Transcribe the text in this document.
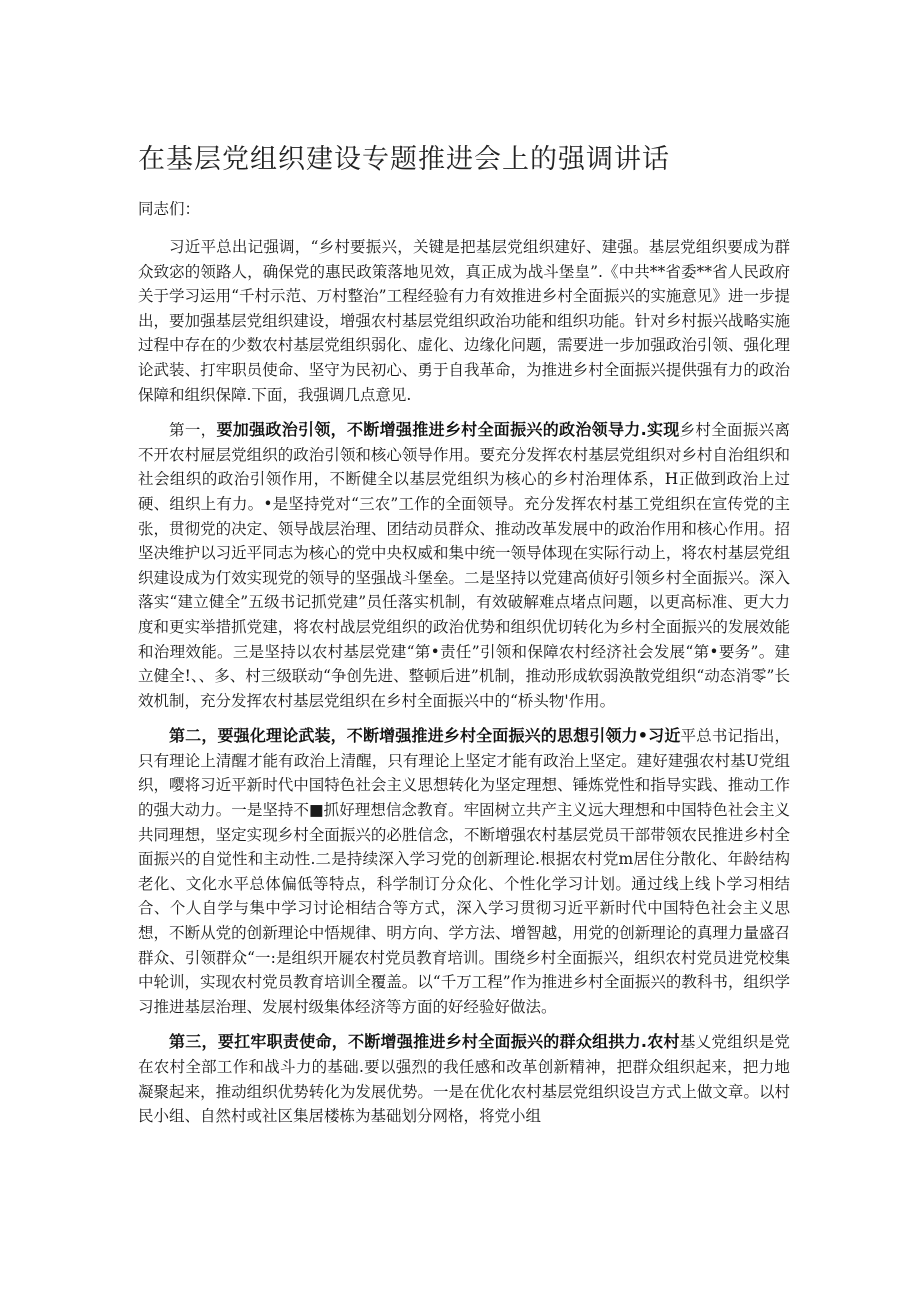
在基层党组织建设专题推进会上的强调讲话

同志们：

习近平总出记强调，“乡村要振兴，关键是把基层党组织建好、建强。基层党组织要成为群众致宓的领路人，确保党的惠民政策落地见效，真正成为战斗堡皇”.《中共**省委**省人民政府关于学习运用“千村示范、万村整治”工程经验有力有效推进乡村全面振兴的实施意见》进一步提出，要加强基层党组织建设，增强农村基层党组织政治功能和组织功能。针对乡村振兴战略实施过程中存在的少数农村基层党组织弱化、虚化、边缘化问题，需要进一步加强政治引领、强化理论武装、打牢职员使命、坚守为民初心、勇于自我革命，为推进乡村全面振兴提供强有力的政治保障和组织保障.下面，我强调几点意见.

第一，要加强政治引领，不断增强推进乡村全面振兴的政治领导力.实现乡村全面振兴离不开农村屉层党组织的政治引领和核心领导作用。要充分发挥农村基层党组织对乡村自治组织和社会组织的政治引领作用，不断健全以基层党组织为核心的乡村治理体系，H正做到政治上过硬、组织上有力。•是坚持党对“三农”工作的全面领导。充分发挥农村基工党组织在宣传党的主张，贯彻党的决定、领导战层治理、团结动员群众、推动改革发展中的政治作用和核心作用。招坚决维护以习近平同志为核心的党中央权威和集中统一领导体现在实际行动上，将农村基层党组织建设成为仃效实现党的领导的坚强战斗堡垒。二是坚持以党建高侦好引领乡村全面振兴。深入落实“建立健全”五级书记抓党建”员任落实机制，有效破解难点堵点问题，以更高标准、更大力度和更实举措抓党建，将农村战层党组织的政治优势和组织优切转化为乡村全面振兴的发展效能和治理效能。三是坚持以农村基层党建“第•责任”引领和保障农村经济社会发展“第•要务”。建立健全!、、多、村三级联动“争创先进、整顿后进”机制，推动形成软弱涣散党组织“动态消零”长效机制，充分发挥农村基层党组织在乡村全面振兴中的“桥头物'作用。

第二，要强化理论武装，不断增强推进乡村全面振兴的思想引领力•习近平总书记指出，只有理论上清醒才能有政治上清醒，只有理论上坚定才能有政治上坚定。建好建强农村基U党组织，嘤将习近平新时代中国特色社会主义思想转化为坚定理想、锤炼党性和指导实践、推动工作的强大动力。一是坚持不■抓好理想信念教育。牢固树立共产主义远大理想和中国特色社会主义共同理想，坚定实现乡村全面振兴的必胜信念，不断增强农村基层党员干部带领农民推进乡村全面振兴的自觉性和主动性.二是持续深入学习党的创新理论.根据农村党m居住分散化、年龄结构老化、文化水平总体偏低等特点，科学制订分众化、个性化学习计划。通过线上线卜学习相结合、个人自学与集中学习讨论相结合等方式，深入学习贯彻习近平新时代中国特色社会主义思想，不断从党的创新理论中悟规律、明方向、学方法、增智越，用党的创新理论的真理力量盛召群众、引领群众“一:是组织开屣农村党员教育培训。围绕乡村全面振兴，组织农村党员进党校集中轮训，实现农村党员教育培训全覆盖。以“千万工程”作为推进乡村全面振兴的教科书，组织学习推进基层治理、发展村级集体经济等方面的好经验好做法。

第三，要扛牢职责使命，不断增强推进乡村全面振兴的群众组拱力.农村基乂党组织是党在农村全部工作和战斗力的基础.要以强烈的我任感和改革创新精神，把群众组织起来，把力地凝聚起来，推动组织优势转化为发展优势。一是在优化农村基层党组织设岂方式上做文章。以村民小组、自然村或社区集居楼栋为基础划分网格，将党小组
